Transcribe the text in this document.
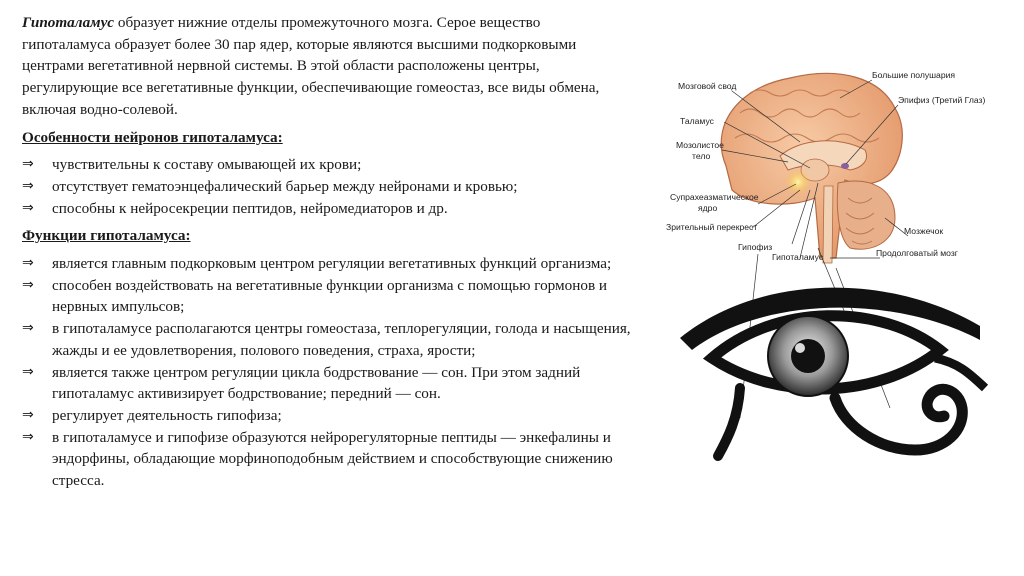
Гипоталамус образует нижние отделы промежуточного мозга. Серое вещество гипоталамуса образует более 30 пар ядер, которые являются высшими подкорковыми центрами вегетативной нервной системы. В этой области расположены центры, регулирующие все вегетативные функции, обеспечивающие гомеостаз, все виды обмена, включая водно-солевой.

Особенности нейронов гипоталамуса:
⇒ чувствительны к составу омывающей их крови;
⇒ отсутствует гематоэнцефалический барьер между нейронами и кровью;
⇒ способны к нейросекреции пептидов, нейромедиаторов и др.
Функции гипоталамуса:
⇒ является главным подкорковым центром регуляции вегетативных функций организма;
⇒ способен воздействовать на вегетативные функции организма с помощью гормонов и нервных импульсов;
⇒ в гипоталамусе располагаются центры гомеостаза, теплорегуляции, голода и насыщения, жажды и ее удовлетворения, полового поведения, страха, ярости;
⇒ является также центром регуляции цикла бодрствование — сон. При этом задний гипоталамус активизирует бодрствование; передний — сон.
⇒ регулирует деятельность гипофиза;
⇒ в гипоталамусе и гипофизе образуются нейрорегуляторные пептиды — энкефалины и эндорфины, обладающие морфиноподобным действием и способствующие снижению стресса.
Мозговой свод
Большие полушария
Эпифиз (Третий Глаз)
Таламус
Мозолистое
тело
Супрахеазматическое
ядро
Зрительный перекрест	Мозжечок
Гипофиз
Гипоталамус	Продолговатый мозг
